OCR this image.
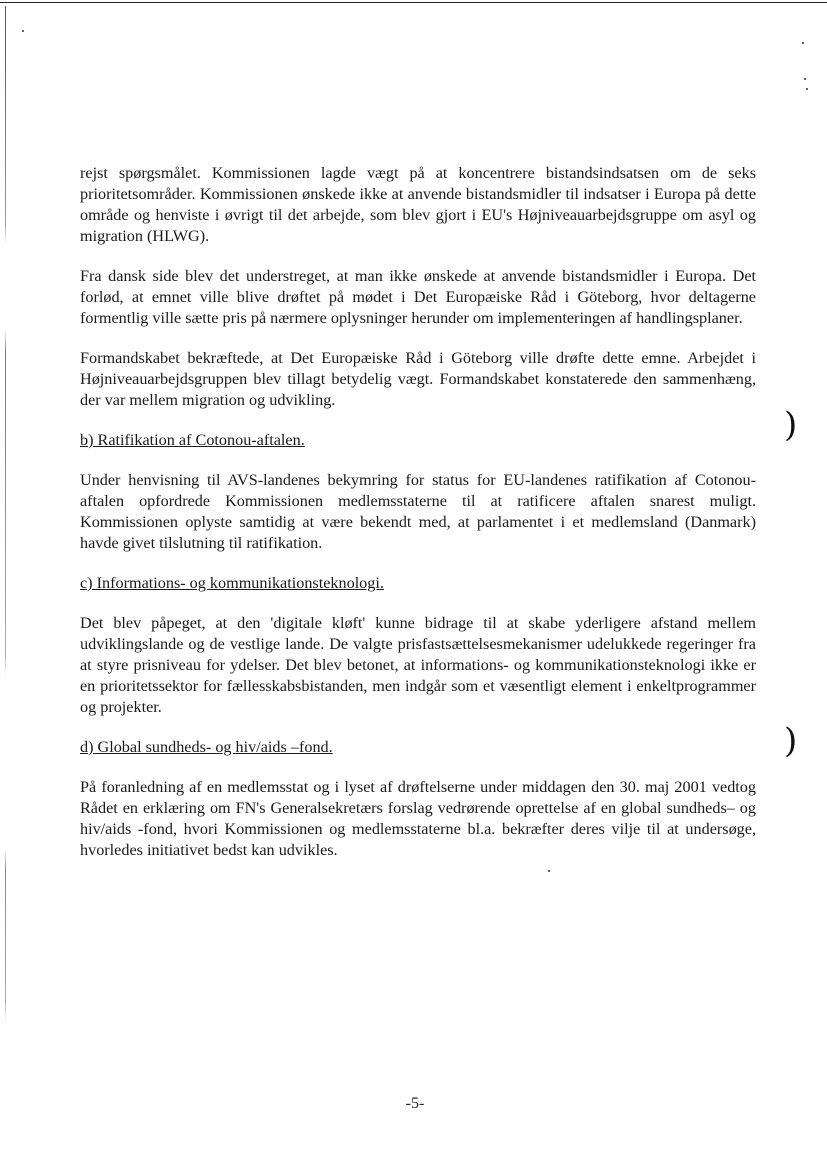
)
)

rejst spørgsmålet. Kommissionen lagde vægt på at koncentrere bistandsindsatsen om de seks prioritetsområder. Kommissionen ønskede ikke at anvende bistandsmidler til indsatser i Europa på dette område og henviste i øvrigt til det arbejde, som blev gjort i EU's Højniveauarbejdsgruppe om asyl og migration (HLWG).

Fra dansk side blev det understreget, at man ikke ønskede at anvende bistandsmidler i Europa. Det forlød, at emnet ville blive drøftet på mødet i Det Europæiske Råd i Göteborg, hvor deltagerne formentlig ville sætte pris på nærmere oplysninger herunder om implementeringen af handlingsplaner.

Formandskabet bekræftede, at Det Europæiske Råd i Göteborg ville drøfte dette emne. Arbejdet i Højniveauarbejdsgruppen blev tillagt betydelig vægt. Formandskabet konstaterede den sammenhæng, der var mellem migration og udvikling.

b) Ratifikation af Cotonou-aftalen.

Under henvisning til AVS-landenes bekymring for status for EU-landenes ratifikation af Cotonou-aftalen opfordrede Kommissionen medlemsstaterne til at ratificere aftalen snarest muligt. Kommissionen oplyste samtidig at være bekendt med, at parlamentet i et medlemsland (Danmark) havde givet tilslutning til ratifikation.

c) Informations- og kommunikationsteknologi.

Det blev påpeget, at den 'digitale kløft' kunne bidrage til at skabe yderligere afstand mellem udviklingslande og de vestlige lande. De valgte prisfastsættelsesmekanismer udelukkede regeringer fra at styre prisniveau for ydelser. Det blev betonet, at informations- og kommunikationsteknologi ikke er en prioritetssektor for fællesskabsbistanden, men indgår som et væsentligt element i enkeltprogrammer og projekter.

d) Global sundheds- og hiv/aids –fond.

På foranledning af en medlemsstat og i lyset af drøftelserne under middagen den 30. maj 2001 vedtog Rådet en erklæring om FN's Generalsekretærs forslag vedrørende oprettelse af en global sundheds– og hiv/aids -fond, hvori Kommissionen og medlemsstaterne bl.a. bekræfter deres vilje til at undersøge, hvorledes initiativet bedst kan udvikles.

-5-
